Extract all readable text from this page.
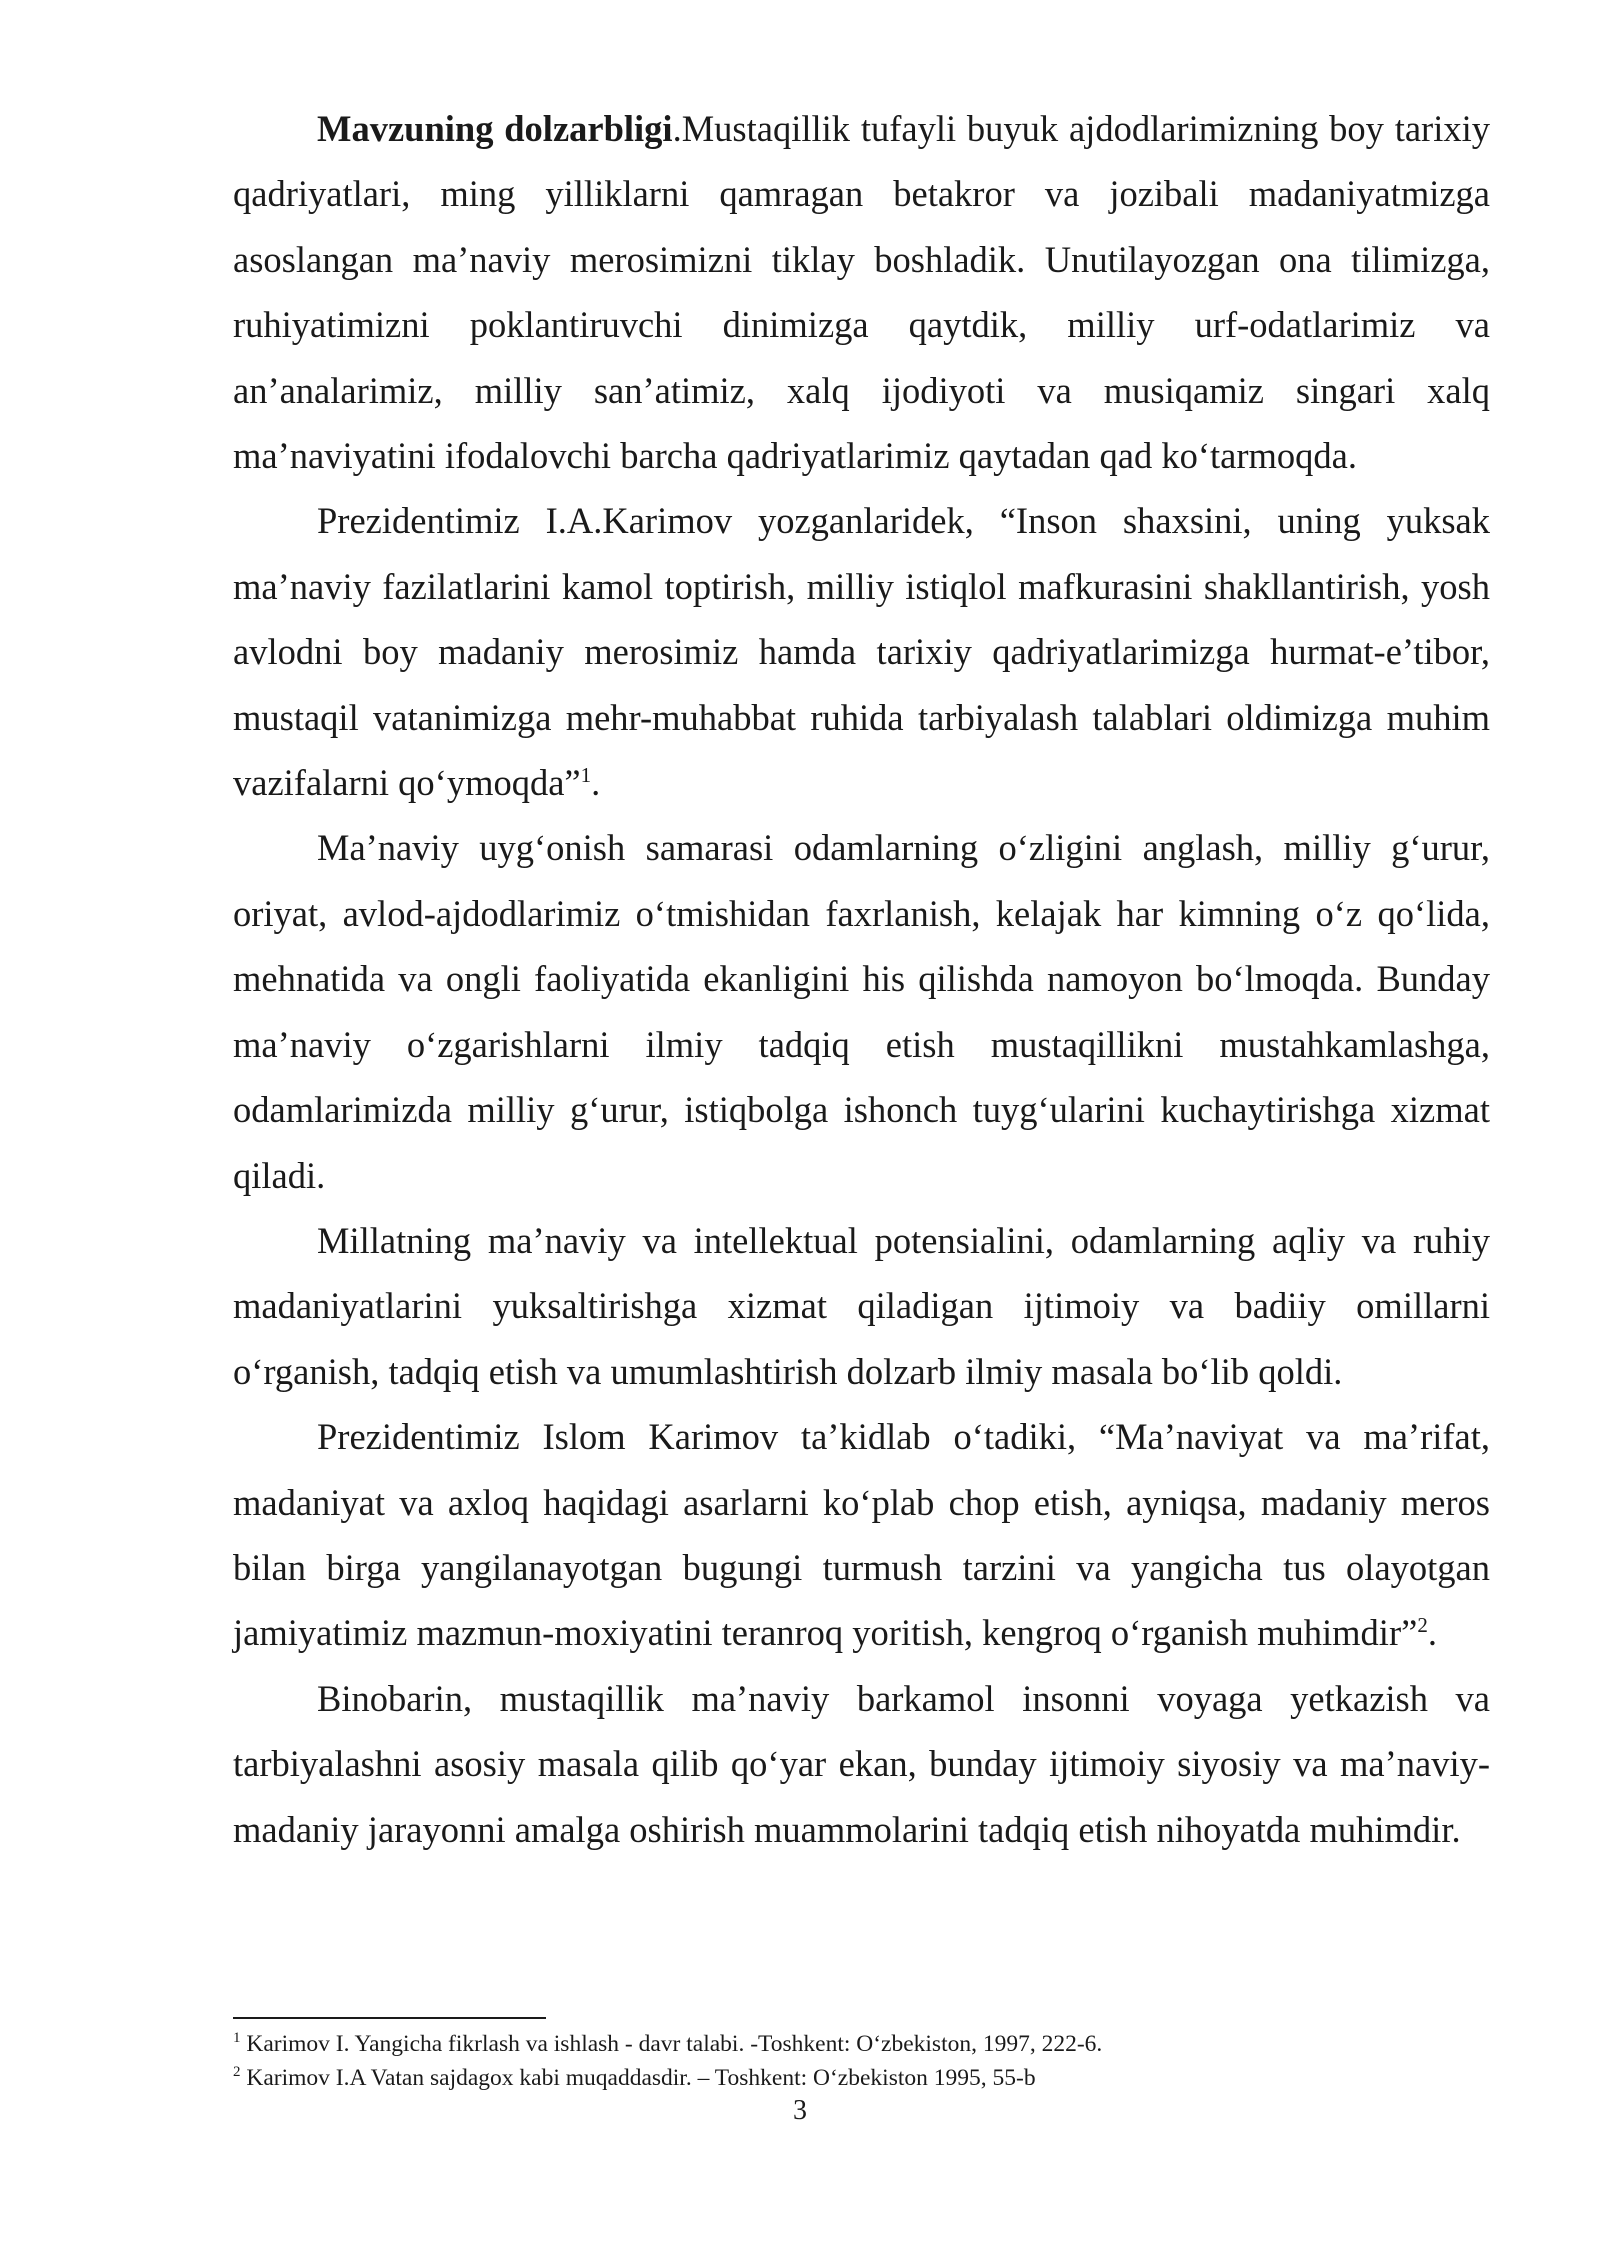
Mavzuning dolzarbligi.Mustaqillik tufayli buyuk ajdodlarimizning boy tarixiy qadriyatlari, ming yilliklarni qamragan betakror va jozibali madaniyatmizga asoslangan ma’naviy merosimizni tiklay boshladik. Unutilayozgan ona tilimizga, ruhiyatimizni poklantiruvchi dinimizga qaytdik, milliy urf-odatlarimiz va an’analarimiz, milliy san’atimiz, xalq ijodiyoti va musiqamiz singari xalq ma’naviyatini ifodalovchi barcha qadriyatlarimiz qaytadan qad ko‘tarmoqda.

Prezidentimiz I.A.Karimov yozganlaridek, “Inson shaxsini, uning yuksak ma’naviy fazilatlarini kamol toptirish, milliy istiqlol mafkurasini shakllantirish, yosh avlodni boy madaniy merosimiz hamda tarixiy qadriyatlarimizga hurmat-e’tibor, mustaqil vatanimizga mehr-muhabbat ruhida tarbiyalash talablari oldimizga muhim vazifalarni qo‘ymoqda”$^1$.

Ma’naviy uyg‘onish samarasi odamlarning o‘zligini anglash, milliy g‘urur, oriyat, avlod-ajdodlarimiz o‘tmishidan faxrlanish, kelajak har kimning o‘z qo‘lida, mehnatida va ongli faoliyatida ekanligini his qilishda namoyon bo‘lmoqda. Bunday ma’naviy o‘zgarishlarni ilmiy tadqiq etish mustaqillikni mustahkamlashga, odamlarimizda milliy g‘urur, istiqbolga ishonch tuyg‘ularini kuchaytirishga xizmat qiladi.

Millatning ma’naviy va intellektual potensialini, odamlarning aqliy va ruhiy madaniyatlarini yuksaltirishga xizmat qiladigan ijtimoiy va badiiy omillarni o‘rganish, tadqiq etish va umumlashtirish dolzarb ilmiy masala bo‘lib qoldi.

Prezidentimiz Islom Karimov ta’kidlab o‘tadiki, “Ma’naviyat va ma’rifat, madaniyat va axloq haqidagi asarlarni ko‘plab chop etish, ayniqsa, madaniy meros bilan birga yangilanayotgan bugungi turmush tarzini va yangicha tus olayotgan jamiyatimiz mazmun-moxiyatini teranroq yoritish, kengroq o‘rganish muhimdir”$^2$.

Binobarin, mustaqillik ma’naviy barkamol insonni voyaga yetkazish va tarbiyalashni asosiy masala qilib qo‘yar ekan, bunday ijtimoiy siyosiy va ma’naviy-madaniy jarayonni amalga oshirish muammolarini tadqiq etish nihoyatda muhimdir.

$^1$ Karimov I. Yangicha fikrlash va ishlash - davr talabi. -Toshkent: O‘zbekiston, 1997, 222-6.

$^2$ Karimov I.A Vatan sajdagox kabi muqaddasdir. – Toshkent: O‘zbekiston 1995, 55-b

3
